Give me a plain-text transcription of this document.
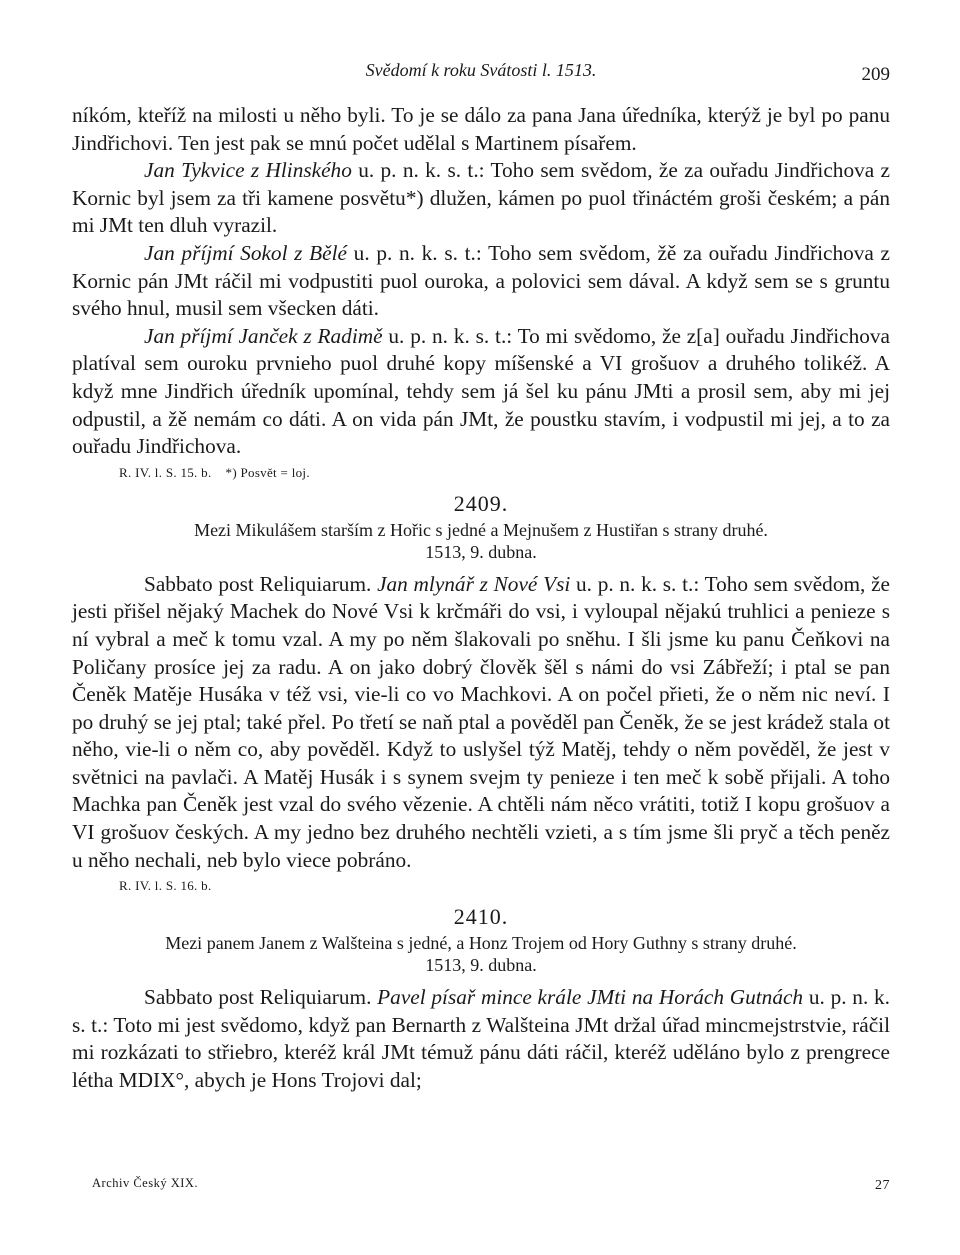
Svědomí k roku Svátosti l. 1513.	209

níkóm, kteříž na milosti u něho byli. To je se dálo za pana Jana úředníka, kterýž je byl po panu Jindřichovi. Ten jest pak se mnú počet udělal s Martinem písařem.

Jan Tykvice z Hlinského u. p. n. k. s. t.: Toho sem svědom, že za ouřadu Jindřichova z Kornic byl jsem za tři kamene posvětu*) dlužen, kámen po puol třináctém groši českém; a pán mi JMt ten dluh vyrazil.

Jan příjmí Sokol z Bělé u. p. n. k. s. t.: Toho sem svědom, žě za ouřadu Jindřichova z Kornic pán JMt ráčil mi vodpustiti puol ouroka, a polovici sem dával. A když sem se s gruntu svého hnul, musil sem všecken dáti.

Jan příjmí Janček z Radimě u. p. n. k. s. t.: To mi svědomo, že z[a] ouřadu Jindřichova platíval sem ouroku prvnieho puol druhé kopy míšenské a VI grošuov a druhého tolikéž. A když mne Jindřich úředník upomínal, tehdy sem já šel ku pánu JMti a prosil sem, aby mi jej odpustil, a žě nemám co dáti. A on vida pán JMt, že poustku stavím, i vodpustil mi jej, a to za ouřadu Jindřichova.

R. IV. l. S. 15. b. *) Posvět = loj.
2409.
Mezi Mikulášem starším z Hořic s jedné a Mejnušem z Hustiřan s strany druhé.
1513, 9. dubna.

Sabbato post Reliquiarum. Jan mlynář z Nové Vsi u. p. n. k. s. t.: Toho sem svědom, že jesti přišel nějaký Machek do Nové Vsi k krčmáři do vsi, i vyloupal nějakú truhlici a penieze s ní vybral a meč k tomu vzal. A my po něm šlakovali po sněhu. I šli jsme ku panu Čeňkovi na Poličany prosíce jej za radu. A on jako dobrý člověk šěl s námi do vsi Zábřeží; i ptal se pan Čeněk Matěje Husáka v též vsi, vie-li co vo Machkovi. A on počel přieti, že o něm nic neví. I po druhý se jej ptal; také přel. Po třetí se naň ptal a pověděl pan Čeněk, že se jest krádež stala ot něho, vie-li o něm co, aby pověděl. Když to uslyšel týž Matěj, tehdy o něm pověděl, že jest v světnici na pavlači. A Matěj Husák i s synem svejm ty penieze i ten meč k sobě přijali. A toho Machka pan Čeněk jest vzal do svého vězenie. A chtěli nám něco vrátiti, totiž I kopu grošuov a VI grošuov českých. A my jedno bez druhého nechtěli vzieti, a s tím jsme šli pryč a těch peněz u něho nechali, neb bylo viece pobráno.

R. IV. l. S. 16. b.
2410.
Mezi panem Janem z Walšteina s jedné, a Honz Trojem od Hory Guthny s strany druhé.
1513, 9. dubna.

Sabbato post Reliquiarum. Pavel písař mince krále JMti na Horách Gutnách u. p. n. k. s. t.: Toto mi jest svědomo, když pan Bernarth z Walšteina JMt držal úřad mincmejstrstvie, ráčil mi rozkázati to střiebro, kteréž král JMt témuž pánu dáti ráčil, kteréž uděláno bylo z prengrece létha MDIX°, abych je Hons Trojovi dal;

Archiv Český XIX.	27
